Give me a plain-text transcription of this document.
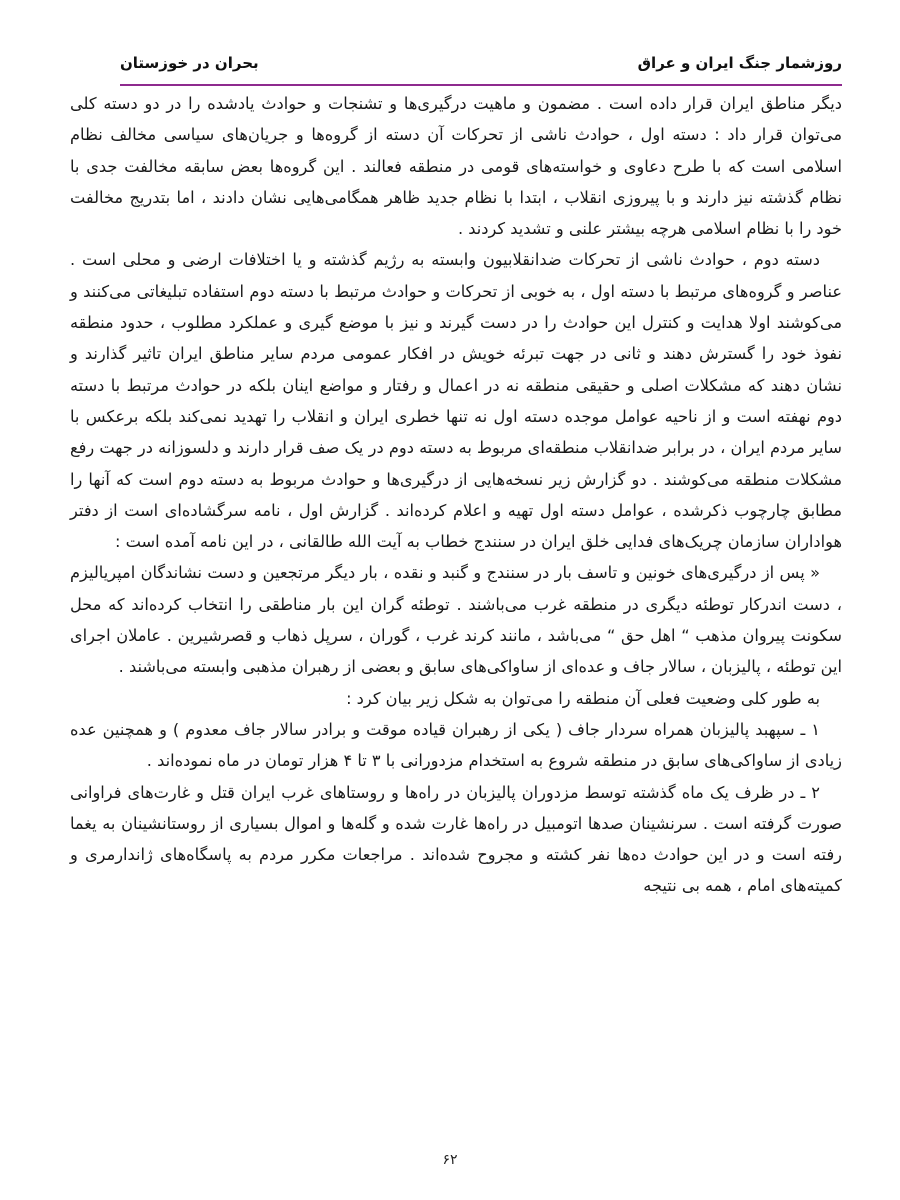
روزشمار جنگ ایران و عراق
بحران در خوزستان

دیگر مناطق ایران قرار داده است . مضمون و ماهیت درگیری‌ها و تشنجات و حوادث یادشده را در دو دسته کلی می‌توان قرار داد : دسته اول ، حوادث ناشی از تحرکات آن دسته از گروه‌ها و جریان‌های سیاسی مخالف نظام اسلامی است که با طرح دعاوی و خواسته‌های قومی در منطقه فعالند . این گروه‌ها بعض سابقه مخالفت جدی با نظام گذشته نیز دارند و با پیروزی انقلاب ، ابتدا با نظام جدید ظاهر همگامی‌هایی نشان دادند ، اما بتدریج مخالفت خود را با نظام اسلامی هرچه بیشتر علنی و تشدید کردند .

دسته دوم ، حوادث ناشی از تحرکات ضدانقلابیون وابسته به رژیم گذشته و یا اختلافات ارضی و محلی است . عناصر و گروه‌های مرتبط با دسته اول ، به خوبی از تحرکات و حوادث مرتبط با دسته دوم استفاده تبلیغاتی می‌کنند و می‌کوشند اولا هدایت و کنترل این حوادث را در دست گیرند و نیز با موضع گیری و عملکرد مطلوب ، حدود منطقه نفوذ خود را گسترش دهند و ثانی در جهت تبرئه خویش در افکار عمومی مردم سایر مناطق ایران تاثیر گذارند و نشان دهند که مشکلات اصلی و حقیقی منطقه نه در اعمال و رفتار و مواضع اینان بلکه در حوادث مرتبط با دسته دوم نهفته است و از ناحیه عوامل موجده دسته اول نه تنها خطری ایران و انقلاب را تهدید نمی‌کند بلکه برعکس با سایر مردم ایران ، در برابر ضدانقلاب منطقه‌ای مربوط به دسته دوم در یک صف قرار دارند و دلسوزانه در جهت رفع مشکلات منطقه می‌کوشند . دو گزارش زیر نسخه‌هایی از درگیری‌ها و حوادث مربوط به دسته دوم است که آنها را مطابق چارچوب ذکرشده ، عوامل دسته اول تهیه و اعلام کرده‌اند . گزارش اول ، نامه سرگشاده‌ای است از دفتر هواداران سازمان چریک‌های فدایی خلق ایران در سنندج خطاب به آیت الله طالقانی ، در این نامه آمده است :

« پس از درگیری‌های خونین و تاسف بار در سنندج و گنبد و نقده ، بار دیگر مرتجعین و دست نشاندگان امپریالیزم ، دست اندرکار توطئه دیگری در منطقه غرب می‌باشند . توطئه گران این بار مناطقی را انتخاب کرده‌اند که محل سکونت پیروان مذهب “ اهل حق “ می‌باشد ، مانند کرند غرب ، گوران ، سرپل ذهاب و قصرشیرین . عاملان اجرای این توطئه ، پالیزبان ، سالار جاف و عده‌ای از ساواکی‌های سابق و بعضی از رهبران مذهبی وابسته می‌باشند .

به طور کلی وضعیت فعلی آن منطقه را می‌توان به شکل زیر بیان کرد :

۱ ـ سپهبد پالیزبان همراه سردار جاف ( یکی از رهبران قیاده موقت و برادر سالار جاف معدوم ) و همچنین عده زیادی از ساواکی‌های سابق در منطقه شروع به استخدام مزدورانی با ۳ تا ۴ هزار تومان در ماه نموده‌اند .

۲ ـ در ظرف یک ماه گذشته توسط مزدوران پالیزبان در راه‌ها و روستاهای غرب ایران قتل و غارت‌های فراوانی صورت گرفته است . سرنشینان صدها اتومبیل در راه‌ها غارت شده و گله‌ها و اموال بسیاری از روستانشینان به یغما رفته است و در این حوادث ده‌ها نفر کشته و مجروح شده‌اند . مراجعات مکرر مردم به پاسگاه‌های ژاندارمری و کمیته‌های امام ، همه بی نتیجه

۶۲
